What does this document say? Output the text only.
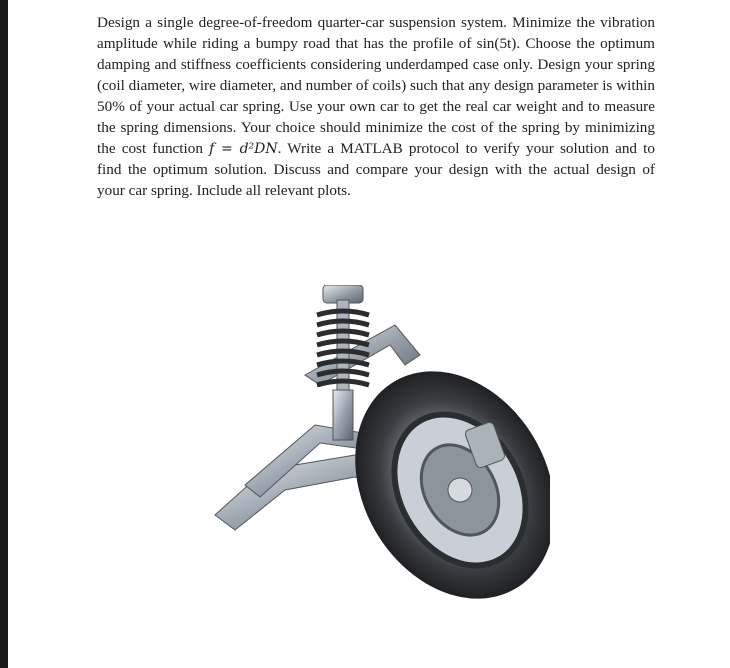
Design a single degree-of-freedom quarter-car suspension system. Minimize the vibration
amplitude while riding a bumpy road that has the profile of sin(5t). Choose the optimum
damping and stiffness coefficients considering underdamped case only. Design your spring
(coil diameter, wire diameter, and number of coils) such that any design parameter is within
50% of your actual car spring. Use your own car to get the real car weight and to measure
the spring dimensions. Your choice should minimize the cost of the spring by minimizing
the cost function f = d²DN. Write a MATLAB protocol to verify your solution and to
find the optimum solution. Discuss and compare your design with the actual design of
your car spring. Include all relevant plots.
